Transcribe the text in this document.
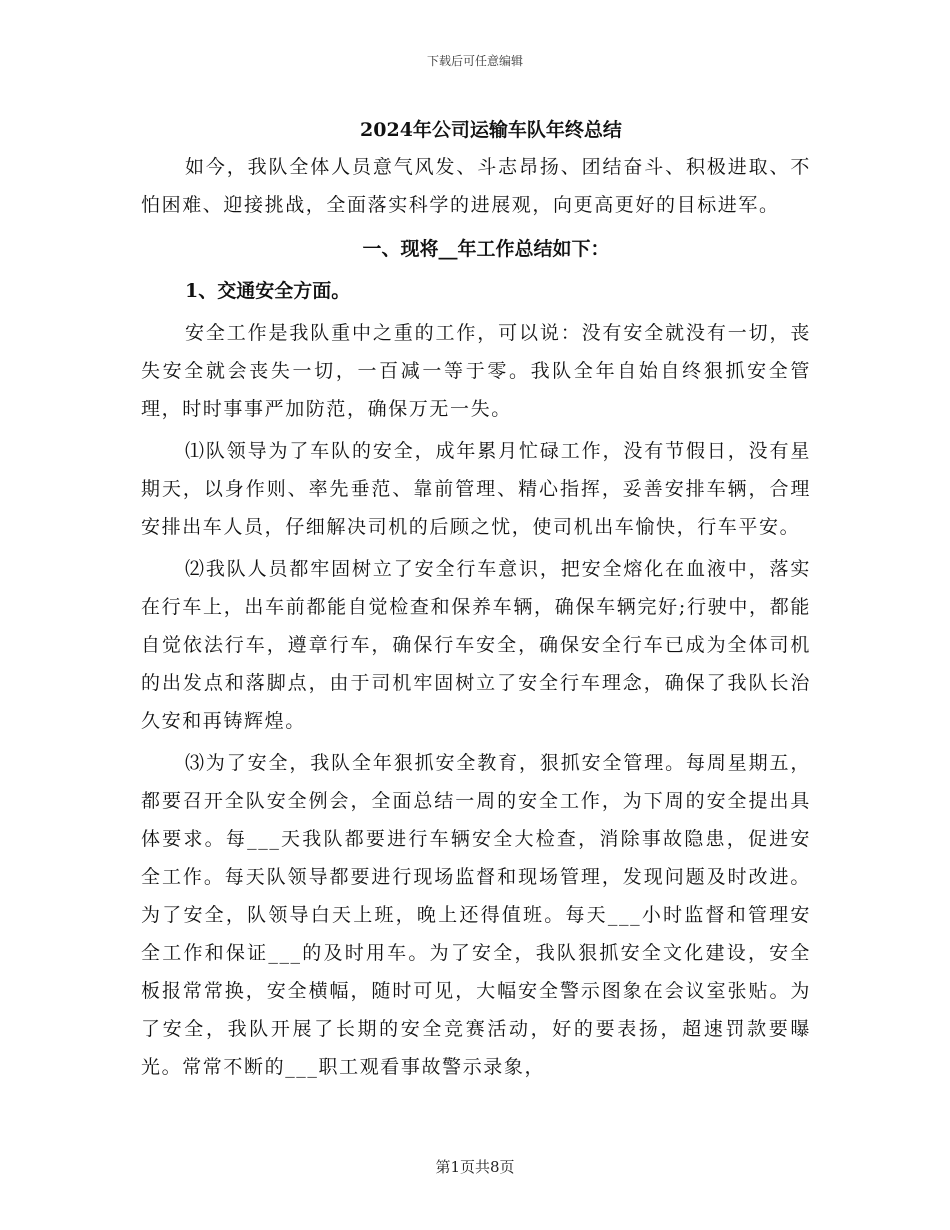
下载后可任意编辑
2024年公司运输车队年终总结

如今，我队全体人员意气风发、斗志昂扬、团结奋斗、积极进取、不怕困难、迎接挑战，全面落实科学的进展观，向更高更好的目标进军。

一、现将__年工作总结如下：
1、交通安全方面。

安全工作是我队重中之重的工作，可以说：没有安全就没有一切，丧失安全就会丧失一切，一百减一等于零。我队全年自始自终狠抓安全管理，时时事事严加防范，确保万无一失。

⑴队领导为了车队的安全，成年累月忙碌工作，没有节假日，没有星期天，以身作则、率先垂范、靠前管理、精心指挥，妥善安排车辆，合理安排出车人员，仔细解决司机的后顾之忧，使司机出车愉快，行车平安。

⑵我队人员都牢固树立了安全行车意识，把安全熔化在血液中，落实在行车上，出车前都能自觉检查和保养车辆，确保车辆完好;行驶中，都能自觉依法行车，遵章行车，确保行车安全，确保安全行车已成为全体司机的出发点和落脚点，由于司机牢固树立了安全行车理念，确保了我队长治久安和再铸辉煌。

⑶为了安全，我队全年狠抓安全教育，狠抓安全管理。每周星期五，都要召开全队安全例会，全面总结一周的安全工作，为下周的安全提出具体要求。每___天我队都要进行车辆安全大检查，消除事故隐患，促进安全工作。每天队领导都要进行现场监督和现场管理，发现问题及时改进。为了安全，队领导白天上班，晚上还得值班。每天___小时监督和管理安全工作和保证___的及时用车。为了安全，我队狠抓安全文化建设，安全板报常常换，安全横幅，随时可见，大幅安全警示图象在会议室张贴。为了安全，我队开展了长期的安全竞赛活动，好的要表扬，超速罚款要曝光。常常不断的___职工观看事故警示录象，

第1页共8页
